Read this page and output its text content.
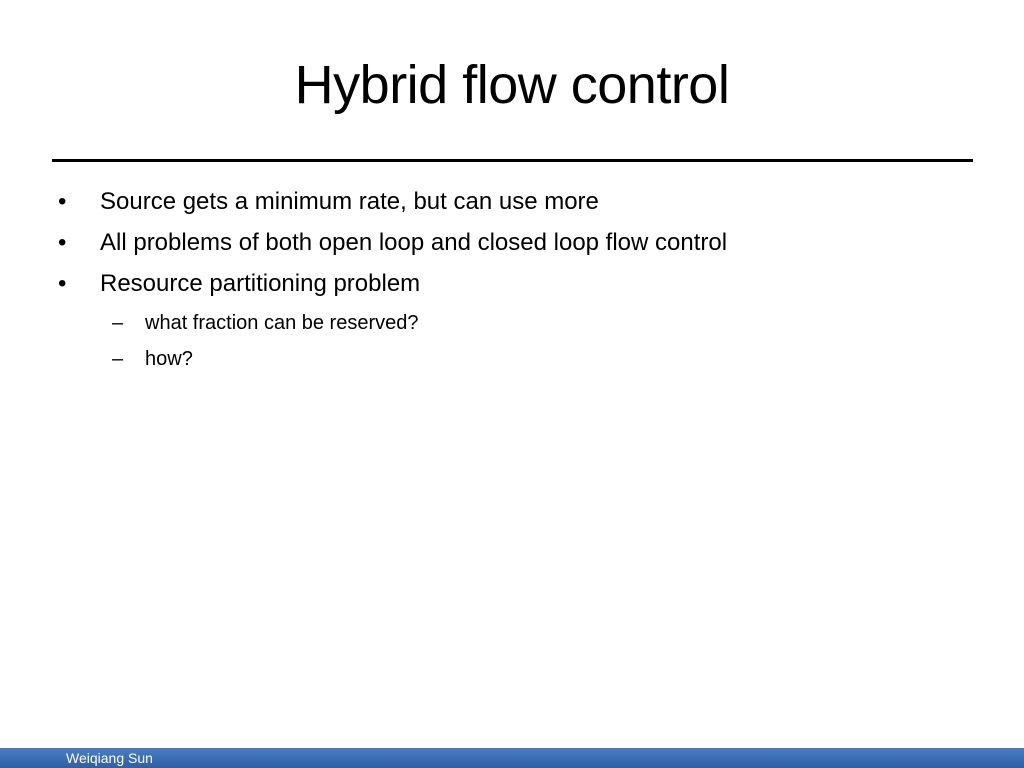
Hybrid flow control
•	Source gets a minimum rate, but can use more
•	All problems of both open loop and closed loop flow control
•	Resource partitioning problem
–	what fraction can be reserved?
–	how?
Weiqiang Sun
